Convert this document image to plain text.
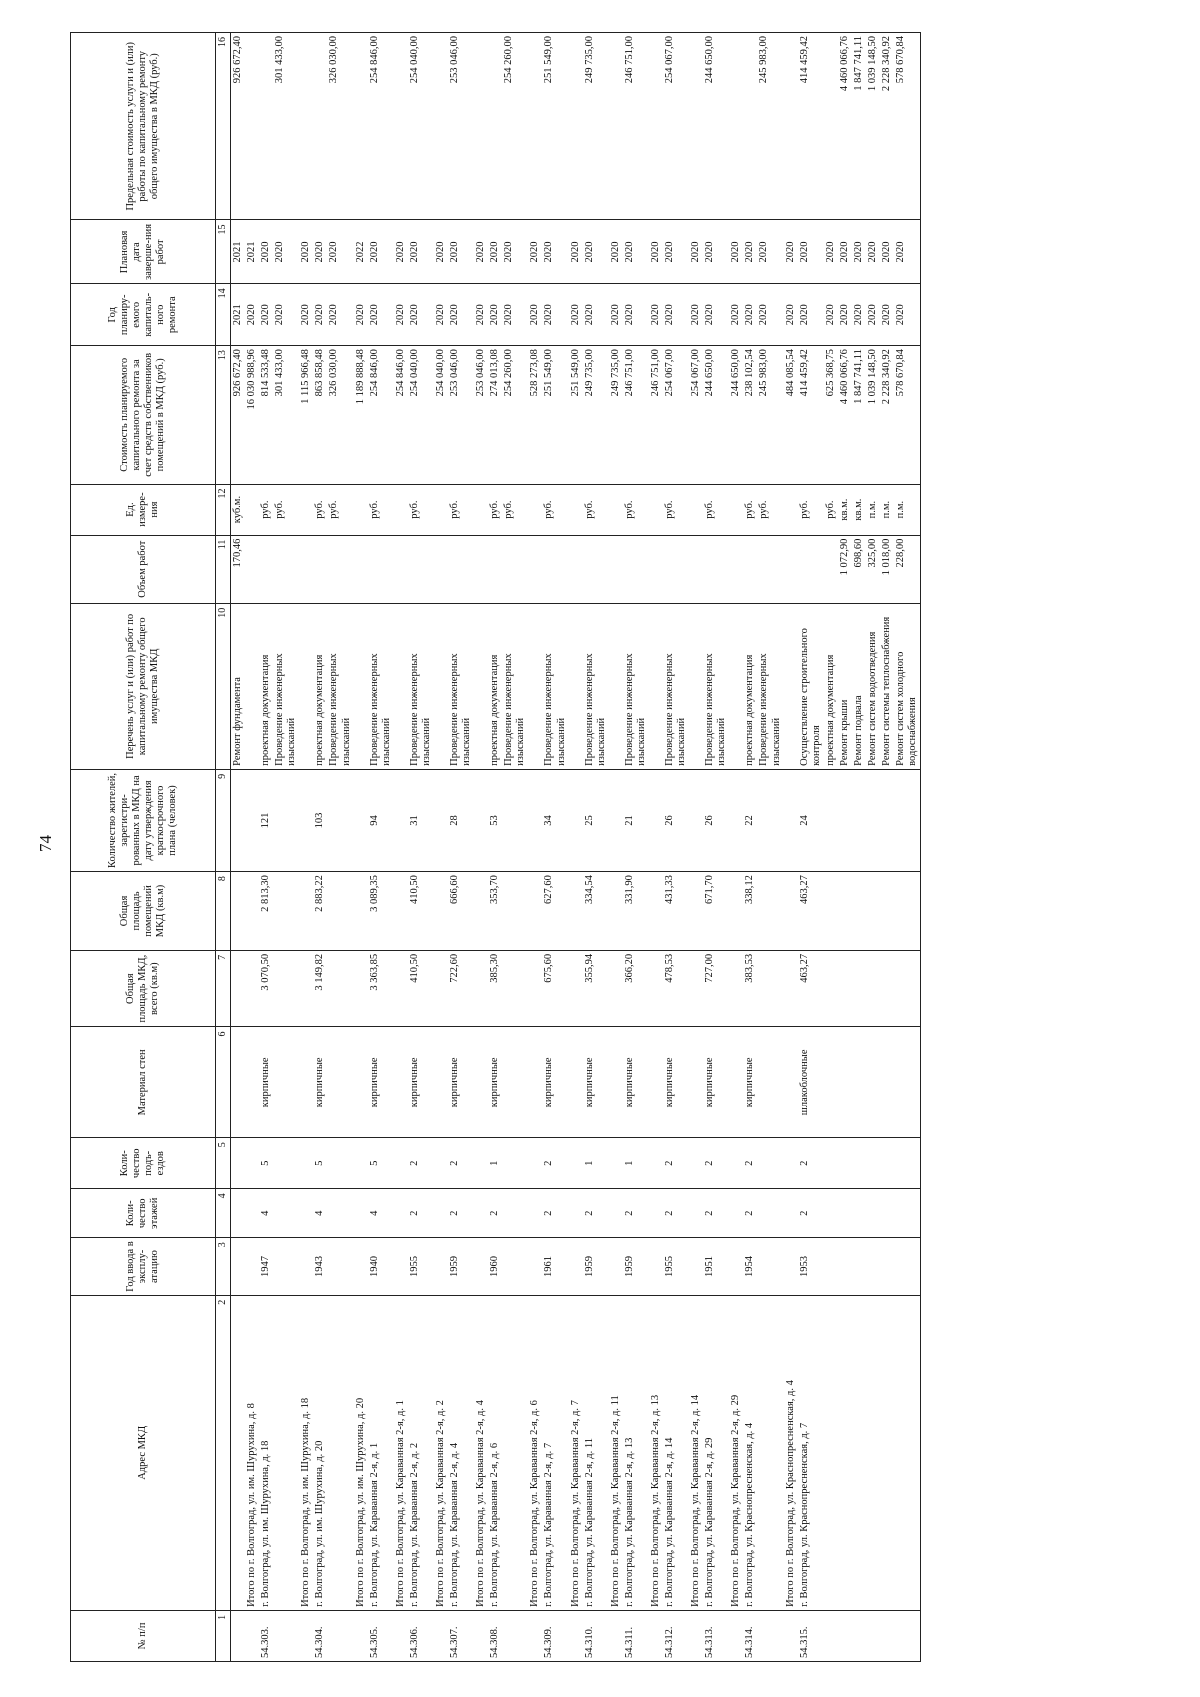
74
№ п/п	Адрес МКД	Год ввода в эксплу-атацию	Коли-чество этажей	Коли-чество подъ-ездов	Материал стен	Общая площадь МКД, всего (кв.м)	Общая площадь помещений МКД (кв.м)	Количество жителей, зарегистри-рованных в МКД на дату утверждения краткосрочного плана (человек)	Перечень услуг и (или) работ по капитальному ремонту общего имущества МКД	Объем работ	Ед. измере-ния	Стоимость планируемого капитального ремонта за счет средств собственников помещений в МКД (руб.)	Год планиру-емого капиталь-ного ремонта	Плановая дата заверше-ния работ	Предельная стоимость услуги и (или) работы по капитальному ремонту общего имущества в МКД (руб.)
1	2	3	4	5	6	7	8	9	10	11	12	13	14	15	16
									Ремонт фундамента	170,46	куб.м.	926 672,40	2021	2021	926 672,40
	Итого по г. Волгоград, ул. им. Шурухина, д. 8											16 030 988,96	2020	2021	
54.303.	г. Волгоград, ул. им. Шурухина, д. 18	1947	4	5	кирпичные	3 070,50	2 813,30	121	проектная документация		руб.	814 533,48	2020	2020	
									Проведение инженерных изысканий		руб.	301 433,00	2020	2020	301 433,00
	Итого по г. Волгоград, ул. им. Шурухина, д. 18											1 115 966,48	2020	2020	
54.304.	г. Волгоград, ул. им. Шурухина, д. 20	1943	4	5	кирпичные	3 149,82	2 883,22	103	проектная документация		руб.	863 858,48	2020	2020	
									Проведение инженерных изысканий		руб.	326 030,00	2020	2020	326 030,00
	Итого по г. Волгоград, ул. им. Шурухина, д. 20											1 189 888,48	2020	2022	
54.305.	г. Волгоград, ул. Караванная 2-я, д. 1	1940	4	5	кирпичные	3 363,85	3 089,35	94	Проведение инженерных изысканий		руб.	254 846,00	2020	2020	254 846,00
	Итого по г. Волгоград, ул. Караванная 2-я, д. 1											254 846,00	2020	2020	
54.306.	г. Волгоград, ул. Караванная 2-я, д. 2	1955	2	2	кирпичные	410,50	410,50	31	Проведение инженерных изысканий		руб.	254 040,00	2020	2020	254 040,00
	Итого по г. Волгоград, ул. Караванная 2-я, д. 2											254 040,00	2020	2020	
54.307.	г. Волгоград, ул. Караванная 2-я, д. 4	1959	2	2	кирпичные	722,60	666,60	28	Проведение инженерных изысканий		руб.	253 046,00	2020	2020	253 046,00
	Итого по г. Волгоград, ул. Караванная 2-я, д. 4											253 046,00	2020	2020	
54.308.	г. Волгоград, ул. Караванная 2-я, д. 6	1960	2	1	кирпичные	385,30	353,70	53	проектная документация		руб.	274 013,08	2020	2020	
									Проведение инженерных изысканий		руб.	254 260,00	2020	2020	254 260,00
	Итого по г. Волгоград, ул. Караванная 2-я, д. 6											528 273,08	2020	2020	
54.309.	г. Волгоград, ул. Караванная 2-я, д. 7	1961	2	2	кирпичные	675,60	627,60	34	Проведение инженерных изысканий		руб.	251 549,00	2020	2020	251 549,00
	Итого по г. Волгоград, ул. Караванная 2-я, д. 7											251 549,00	2020	2020	
54.310.	г. Волгоград, ул. Караванная 2-я, д. 11	1959	2	1	кирпичные	355,94	334,54	25	Проведение инженерных изысканий		руб.	249 735,00	2020	2020	249 735,00
	Итого по г. Волгоград, ул. Караванная 2-я, д. 11											249 735,00	2020	2020	
54.311.	г. Волгоград, ул. Караванная 2-я, д. 13	1959	2	1	кирпичные	366,20	331,90	21	Проведение инженерных изысканий		руб.	246 751,00	2020	2020	246 751,00
	Итого по г. Волгоград, ул. Караванная 2-я, д. 13											246 751,00	2020	2020	
54.312.	г. Волгоград, ул. Караванная 2-я, д. 14	1955	2	2	кирпичные	478,53	431,33	26	Проведение инженерных изысканий		руб.	254 067,00	2020	2020	254 067,00
	Итого по г. Волгоград, ул. Караванная 2-я, д. 14											254 067,00	2020	2020	
54.313.	г. Волгоград, ул. Караванная 2-я, д. 29	1951	2	2	кирпичные	727,00	671,70	26	Проведение инженерных изысканий		руб.	244 650,00	2020	2020	244 650,00
	Итого по г. Волгоград, ул. Караванная 2-я, д. 29											244 650,00	2020	2020	
54.314.	г. Волгоград, ул. Краснопресненская, д. 4	1954	2	2	кирпичные	383,53	338,12	22	проектная документация		руб.	238 102,54	2020	2020	
									Проведение инженерных изысканий		руб.	245 983,00	2020	2020	245 983,00
	Итого по г. Волгоград, ул. Краснопресненская, д. 4											484 085,54	2020	2020	
54.315.	г. Волгоград, ул. Краснопресненская, д. 7	1953	2	2	шлакоблочные	463,27	463,27	24	Осуществление строительного контроля		руб.	414 459,42	2020	2020	414 459,42
									проектная документация		руб.	625 368,75	2020	2020	
									Ремонт крыши	1 072,90	кв.м.	4 460 066,76	2020	2020	4 460 066,76
									Ремонт подвала	698,60	кв.м.	1 847 741,11	2020	2020	1 847 741,11
									Ремонт систем водоотведения	325,00	п.м.	1 039 148,50	2020	2020	1 039 148,50
									Ремонт системы теплоснабжения	1 018,00	п.м.	2 228 340,92	2020	2020	2 228 340,92
									Ремонт систем холодного водоснабжения	228,00	п.м.	578 670,84	2020	2020	578 670,84
